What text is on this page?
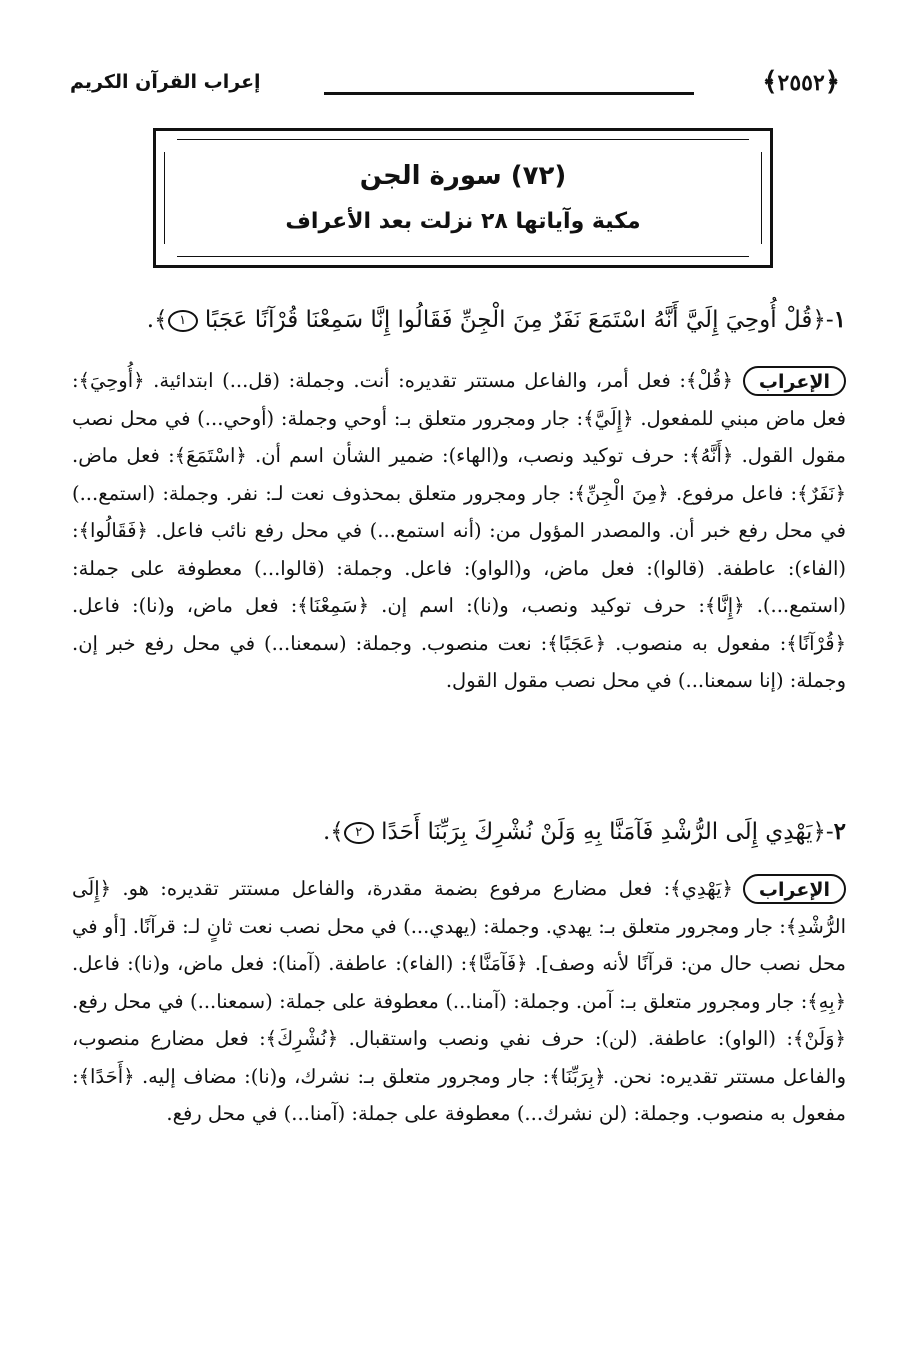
﴿٢٥٥٢﴾
إعراب القرآن الكريم
(٧٢) سورة الجن
مكية وآياتها ٢٨ نزلت بعد الأعراف
١-﴿قُلْ أُوحِيَ إِلَيَّ أَنَّهُ اسْتَمَعَ نَفَرٌ مِنَ الْجِنِّ فَقَالُوا إِنَّا سَمِعْنَا قُرْآنًا عَجَبًا ١﴾.
الإعراب
﴿قُلْ﴾: فعل أمر، والفاعل مستتر تقديره: أنت. وجملة: (قل...) ابتدائية. ﴿أُوحِيَ﴾: فعل ماض مبني للمفعول. ﴿إِلَيَّ﴾: جار ومجرور متعلق بـ: أوحي وجملة: (أوحي...) في محل نصب مقول القول. ﴿أَنَّهُ﴾: حرف توكيد ونصب، و(الهاء): ضمير الشأن اسم أن. ﴿اسْتَمَعَ﴾: فعل ماض. ﴿نَفَرٌ﴾: فاعل مرفوع. ﴿مِنَ الْجِنِّ﴾: جار ومجرور متعلق بمحذوف نعت لـ: نفر. وجملة: (استمع...) في محل رفع خبر أن. والمصدر المؤول من: (أنه استمع...) في محل رفع نائب فاعل. ﴿فَقَالُوا﴾: (الفاء): عاطفة. (قالوا): فعل ماض، و(الواو): فاعل. وجملة: (قالوا...) معطوفة على جملة: (استمع...). ﴿إِنَّا﴾: حرف توكيد ونصب، و(نا): اسم إن. ﴿سَمِعْنَا﴾: فعل ماض، و(نا): فاعل. ﴿قُرْآنًا﴾: مفعول به منصوب. ﴿عَجَبًا﴾: نعت منصوب. وجملة: (سمعنا...) في محل رفع خبر إن. وجملة: (إنا سمعنا...) في محل نصب مقول القول.
٢-﴿يَهْدِي إِلَى الرُّشْدِ فَآمَنَّا بِهِ وَلَنْ نُشْرِكَ بِرَبِّنَا أَحَدًا ٢﴾.
الإعراب
﴿يَهْدِي﴾: فعل مضارع مرفوع بضمة مقدرة، والفاعل مستتر تقديره: هو. ﴿إِلَى الرُّشْدِ﴾: جار ومجرور متعلق بـ: يهدي. وجملة: (يهدي...) في محل نصب نعت ثانٍ لـ: قرآنًا. [أو في محل نصب حال من: قرآنًا لأنه وصف]. ﴿فَآمَنَّا﴾: (الفاء): عاطفة. (آمنا): فعل ماض، و(نا): فاعل. ﴿بِهِ﴾: جار ومجرور متعلق بـ: آمن. وجملة: (آمنا...) معطوفة على جملة: (سمعنا...) في محل رفع. ﴿وَلَنْ﴾: (الواو): عاطفة. (لن): حرف نفي ونصب واستقبال. ﴿نُشْرِكَ﴾: فعل مضارع منصوب، والفاعل مستتر تقديره: نحن. ﴿بِرَبِّنَا﴾: جار ومجرور متعلق بـ: نشرك، و(نا): مضاف إليه. ﴿أَحَدًا﴾: مفعول به منصوب. وجملة: (لن نشرك...) معطوفة على جملة: (آمنا...) في محل رفع.
